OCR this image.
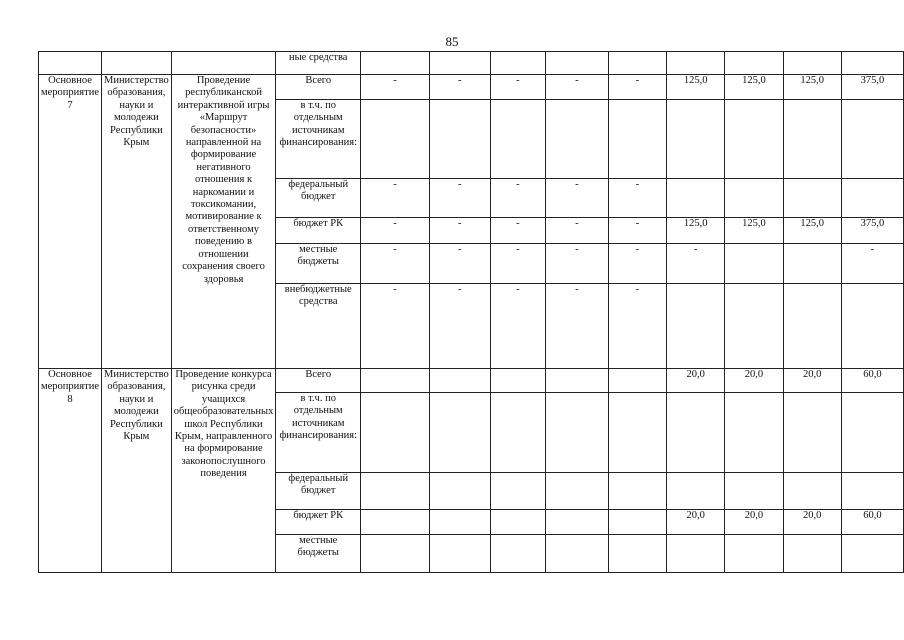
85
			ные средства									
Основное мероприятие 7	Министерство образования, науки и молодежи Республики Крым	Проведение республиканской интерактивной игры «Маршрут безопасности» направленной на формирование негативного отношения к наркомании и токсикомании, мотивирование к ответственному поведению в отношении сохранения своего здоровья	Всего	-	-	-	-	-	125,0	125,0	125,0	375,0
			в т.ч. по отдельным источникам финансирования:									
			федеральный бюджет	-	-	-	-	-				
			бюджет РК	-	-	-	-	-	125,0	125,0	125,0	375,0
			местные бюджеты	-	-	-	-	-	-			-
			внебюджетные средства	-	-	-	-	-				
Основное мероприятие 8	Министерство образования, науки и молодежи Республики Крым	Проведение конкурса рисунка среди учащихся общеобразовательных школ Республики Крым, направленного на формирование законопослушного поведения	Всего						20,0	20,0	20,0	60,0
			в т.ч. по отдельным источникам финансирования:									
			федеральный бюджет									
			бюджет РК						20,0	20,0	20,0	60,0
			местные бюджеты									
